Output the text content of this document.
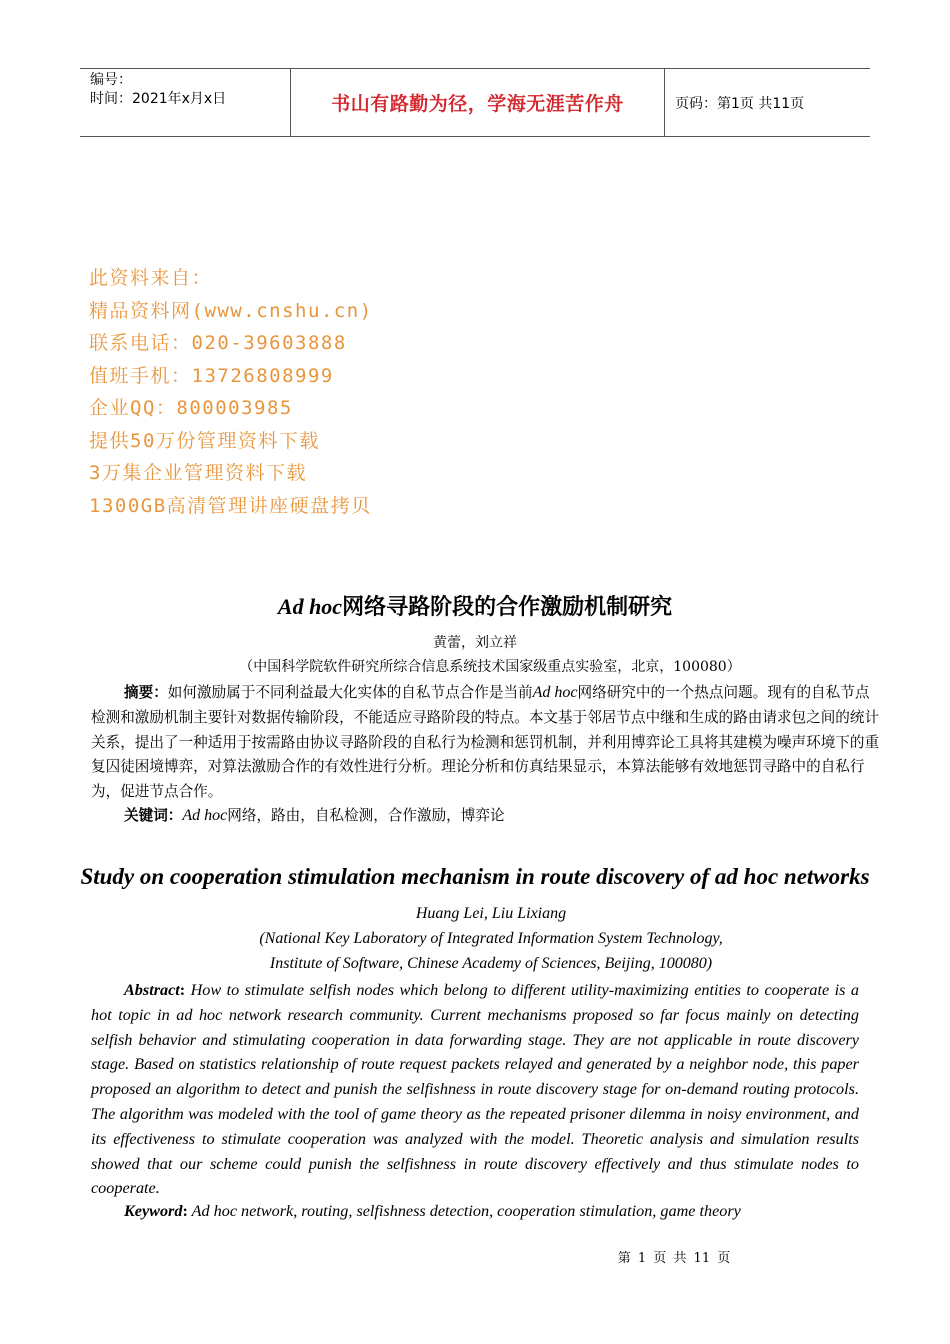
编号：
时间：2021年x月x日	书山有路勤为径，学海无涯苦作舟	页码：第1页 共11页
此资料来自：
精品资料网(www.cnshu.cn)
联系电话：020-39603888
值班手机：13726808999
企业QQ：800003985
提供50万份管理资料下载
3万集企业管理资料下载
1300GB高清管理讲座硬盘拷贝
Ad hoc网络寻路阶段的合作激励机制研究
黄蕾，刘立祥
（中国科学院软件研究所综合信息系统技术国家级重点实验室，北京，100080）

摘要：如何激励属于不同利益最大化实体的自私节点合作是当前Ad hoc网络研究中的一个热点问题。现有的自私节点检测和激励机制主要针对数据传输阶段，不能适应寻路阶段的特点。本文基于邻居节点中继和生成的路由请求包之间的统计关系，提出了一种适用于按需路由协议寻路阶段的自私行为检测和惩罚机制，并利用博弈论工具将其建模为噪声环境下的重复囚徒困境博弈，对算法激励合作的有效性进行分析。理论分析和仿真结果显示，本算法能够有效地惩罚寻路中的自私行为，促进节点合作。

关键词：Ad hoc网络，路由，自私检测，合作激励，博弈论
Study on cooperation stimulation mechanism in route discovery of ad hoc networks
Huang Lei, Liu Lixiang
(National Key Laboratory of Integrated Information System Technology,
Institute of Software, Chinese Academy of Sciences, Beijing, 100080)

Abstract: How to stimulate selfish nodes which belong to different utility-maximizing entities to cooperate is a hot topic in ad hoc network research community. Current mechanisms proposed so far focus mainly on detecting selfish behavior and stimulating cooperation in data forwarding stage. They are not applicable in route discovery stage. Based on statistics relationship of route request packets relayed and generated by a neighbor node, this paper proposed an algorithm to detect and punish the selfishness in route discovery stage for on-demand routing protocols. The algorithm was modeled with the tool of game theory as the repeated prisoner dilemma in noisy environment, and its effectiveness to stimulate cooperation was analyzed with the model. Theoretic analysis and simulation results showed that our scheme could punish the selfishness in route discovery effectively and thus stimulate nodes to cooperate.

Keyword: Ad hoc network, routing, selfishness detection, cooperation stimulation, game theory
第 1 页 共 11 页
